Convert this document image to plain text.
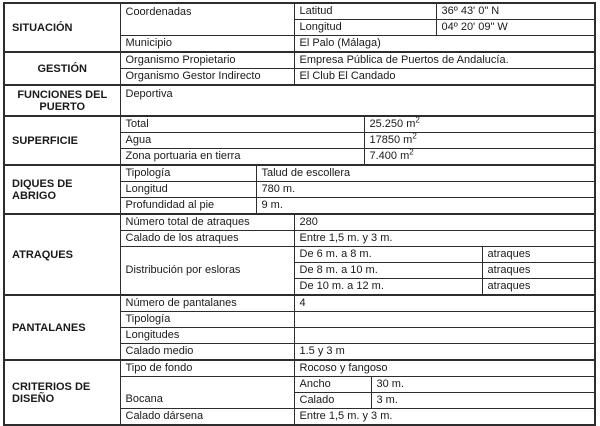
SITUACIÓN	Coordenadas		Latitud			36º 43' 0" N	
			Longitud			04º 20' 09" W	
	Municipio		El Palo (Málaga)				
GESTIÓN	Organismo Propietario		Empresa Pública de Puertos de Andalucía.				
	Organismo Gestor Indirecto		El Club El Candado				
FUNCIONES DEL PUERTO	Deportiva						
SUPERFICIE	Total			25.250 $m^2$
	Agua			17850 $m^2$
	Zona portuaria en tierra			7.400 $m^2$
DIQUES DE ABRIGO	Tipología	Talud de escollera					
	Longitud	780 m.					
	Profundidad al pie	9 m.					
ATRAQUES	Número total de atraques		280				
	Calado de los atraques		Entre 1,5 m. y 3 m.				
	Distribución por esloras		De 6 m. a 8 m.				atraques
			De 8 m. a 10 m.				atraques
			De 10 m. a 12 m.				atraques
PANTALANES	Número de pantalanes		4				
	Tipología						
	Longitudes						
	Calado medio		1.5 y 3 m				
CRITERIOS DE DISEÑO	Tipo de fondo		Rocoso y fangoso				
	Bocana		Ancho		30 m.		
			Calado		3 m.		
	Calado dársena		Entre 1,5 m. y 3 m.				
